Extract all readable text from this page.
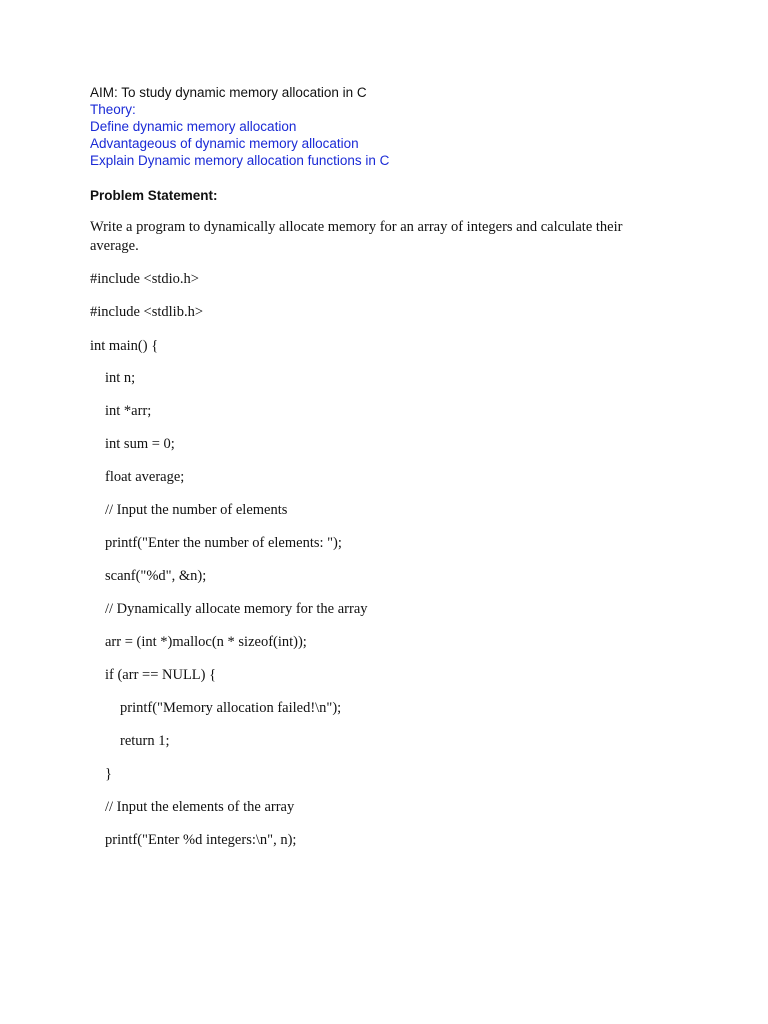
AIM: To study dynamic memory allocation in C
Theory:
Define dynamic memory allocation
Advantageous of dynamic memory allocation
Explain Dynamic memory allocation functions in C
Problem Statement:
Write a program to dynamically allocate memory for an array of integers and calculate their average.
#include <stdio.h>
#include <stdlib.h>
int main() {
int n;
int *arr;
int sum = 0;
float average;
// Input the number of elements
printf("Enter the number of elements: ");
scanf("%d", &n);
// Dynamically allocate memory for the array
arr = (int *)malloc(n * sizeof(int));
if (arr == NULL) {
printf("Memory allocation failed!\n");
return 1;
}
// Input the elements of the array
printf("Enter %d integers:\n", n);
